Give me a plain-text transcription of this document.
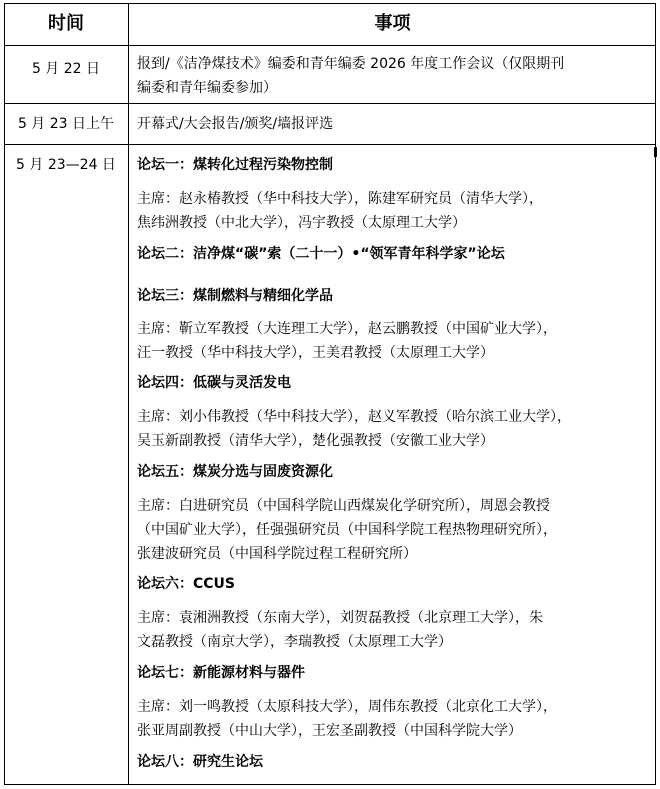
时间	事项
5 月 22 日	报到/《洁净煤技术》编委和青年编委 2026 年度工作会议（仅限期刊
编委和青年编委参加）
5 月 23 日上午	开幕式/大会报告/颁奖/墙报评选
5 月 23—24 日	论坛一：煤转化过程污染物控制
主席：赵永椿教授（华中科技大学），陈建军研究员（清华大学），
焦纬洲教授（中北大学），冯宇教授（太原理工大学）
论坛二：洁净煤“碳”索（二十一）•“领军青年科学家”论坛
论坛三：煤制燃料与精细化学品
主席：靳立军教授（大连理工大学），赵云鹏教授（中国矿业大学），
汪一教授（华中科技大学），王美君教授（太原理工大学）
论坛四：低碳与灵活发电
主席：刘小伟教授（华中科技大学），赵义军教授（哈尔滨工业大学），
吴玉新副教授（清华大学），楚化强教授（安徽工业大学）
论坛五：煤炭分选与固废资源化
主席：白进研究员（中国科学院山西煤炭化学研究所），周恩会教授
（中国矿业大学），任强强研究员（中国科学院工程热物理研究所），
张建波研究员（中国科学院过程工程研究所）
论坛六：CCUS
主席：袁湘洲教授（东南大学），刘贺磊教授（北京理工大学），朱
文磊教授（南京大学），李瑞教授（太原理工大学）
论坛七：新能源材料与器件
主席：刘一鸣教授（太原科技大学），周伟东教授（北京化工大学），
张亚周副教授（中山大学），王宏圣副教授（中国科学院大学）
论坛八：研究生论坛
